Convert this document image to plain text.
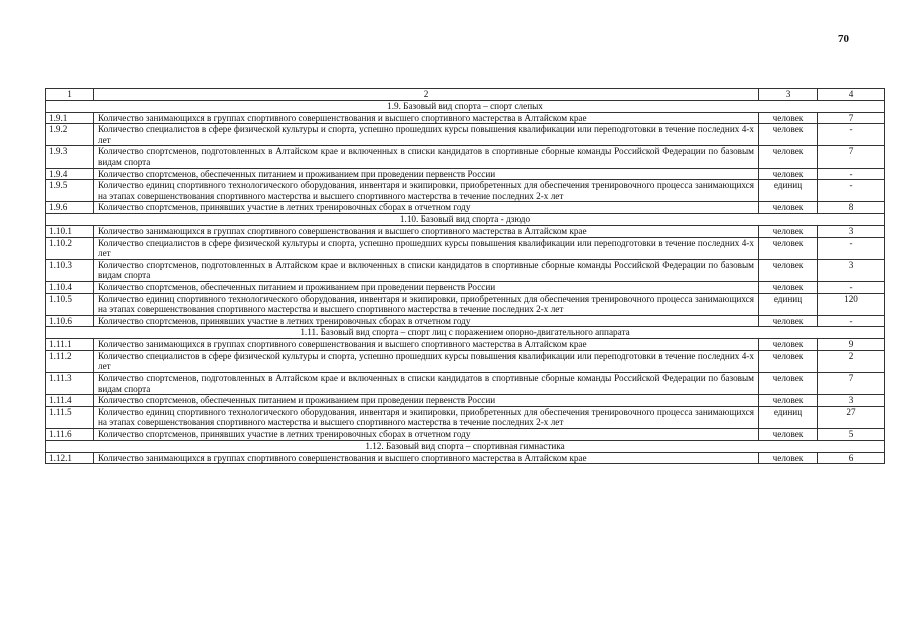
70
1	2	3	4
1.9. Базовый вид спорта – спорт слепых			
1.9.1	Количество занимающихся в группах спортивного совершенствования и высшего спортивного мастерства в Алтайском крае	человек	7
1.9.2	Количество специалистов в сфере физической культуры и спорта, успешно прошедших курсы повышения квалификации или переподготовки в течение последних 4-х лет	человек	-
1.9.3	Количество спортсменов, подготовленных в Алтайском крае и включенных в списки кандидатов в спортивные сборные команды Российской Федерации по базовым видам спорта	человек	7
1.9.4	Количество спортсменов, обеспеченных питанием и проживанием при проведении первенств России	человек	-
1.9.5	Количество единиц спортивного технологического оборудования, инвентаря и экипировки, приобретенных для обеспечения тренировочного процесса занимающихся на этапах совершенствования спортивного мастерства и высшего спортивного мастерства в течение последних 2-х лет	единиц	-
1.9.6	Количество спортсменов, принявших участие в летних тренировочных сборах в отчетном году	человек	8
1.10. Базовый вид спорта - дзюдо			
1.10.1	Количество занимающихся в группах спортивного совершенствования и высшего спортивного мастерства в Алтайском крае	человек	3
1.10.2	Количество специалистов в сфере физической культуры и спорта, успешно прошедших курсы повышения квалификации или переподготовки в течение последних 4-х лет	человек	-
1.10.3	Количество спортсменов, подготовленных в Алтайском крае и включенных в списки кандидатов в спортивные сборные команды Российской Федерации по базовым видам спорта	человек	3
1.10.4	Количество спортсменов, обеспеченных питанием и проживанием при проведении первенств России	человек	-
1.10.5	Количество единиц спортивного технологического оборудования, инвентаря и экипировки, приобретенных для обеспечения тренировочного процесса занимающихся на этапах совершенствования спортивного мастерства и высшего спортивного мастерства в течение последних 2-х лет	единиц	120
1.10.6	Количество спортсменов, принявших участие в летних тренировочных сборах в отчетном году	человек	-
1.11. Базовый вид спорта – спорт лиц с поражением опорно-двигательного аппарата			
1.11.1	Количество занимающихся в группах спортивного совершенствования и высшего спортивного мастерства в Алтайском крае	человек	9
1.11.2	Количество специалистов в сфере физической культуры и спорта, успешно прошедших курсы повышения квалификации или переподготовки в течение последних 4-х лет	человек	2
1.11.3	Количество спортсменов, подготовленных в Алтайском крае и включенных в списки кандидатов в спортивные сборные команды Российской Федерации по базовым видам спорта	человек	7
1.11.4	Количество спортсменов, обеспеченных питанием и проживанием при проведении первенств России	человек	3
1.11.5	Количество единиц спортивного технологического оборудования, инвентаря и экипировки, приобретенных для обеспечения тренировочного процесса занимающихся на этапах совершенствования спортивного мастерства и высшего спортивного мастерства в течение последних 2-х лет	единиц	27
1.11.6	Количество спортсменов, принявших участие в летних тренировочных сборах в отчетном году	человек	5
1.12. Базовый вид спорта – спортивная гимнастика			
1.12.1	Количество занимающихся в группах спортивного совершенствования и высшего спортивного мастерства в Алтайском крае	человек	6
